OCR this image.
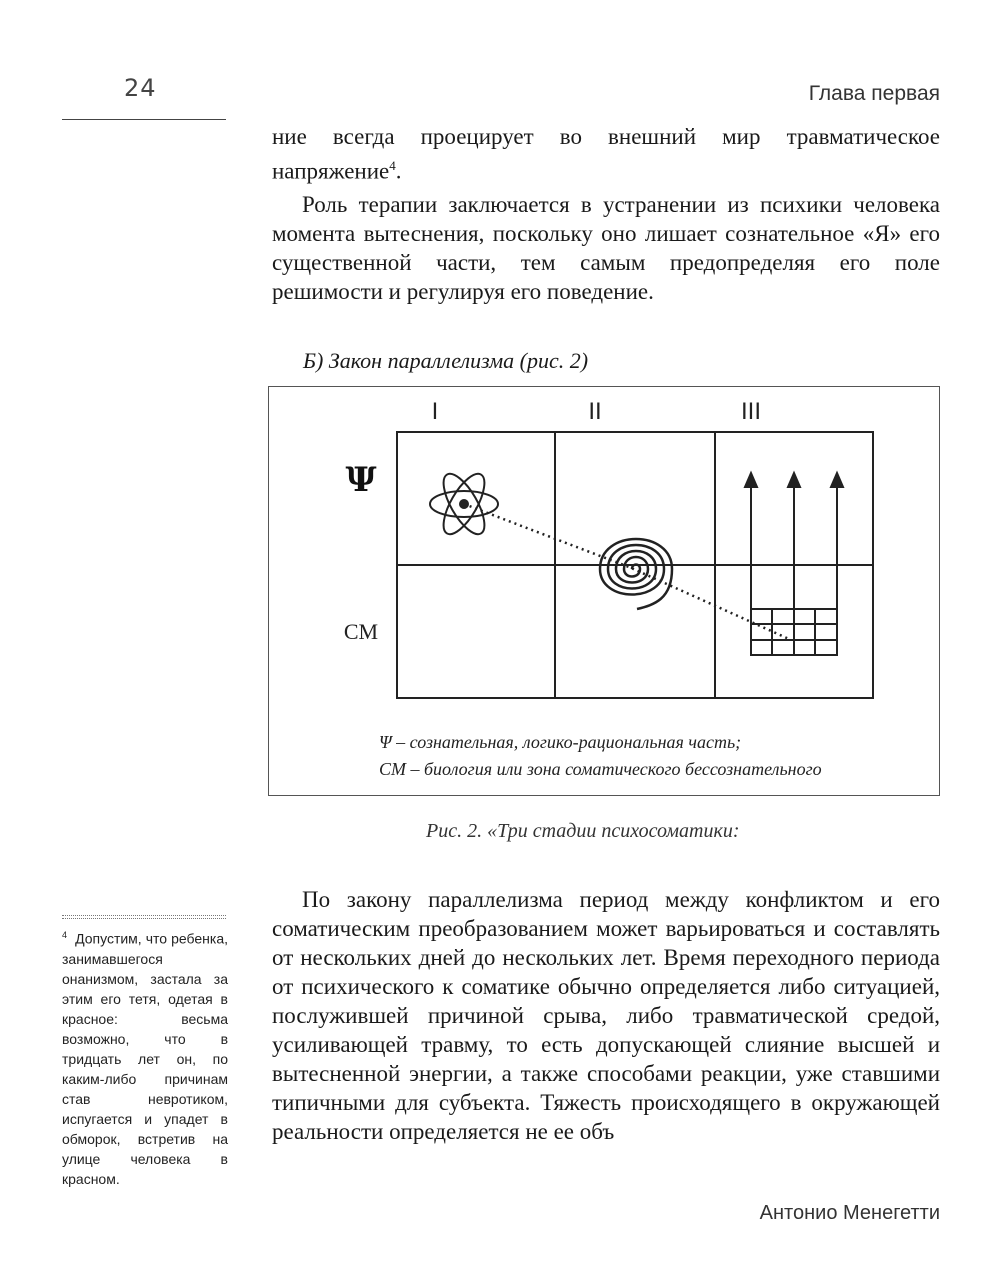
24	Глава первая

ние всегда проецирует во внешний мир травматическое напряжение$^4$.

Роль терапии заключается в устранении из психики человека момента вытеснения, поскольку оно лишает сознательное «Я» его существенной части, тем самым предопределяя его поле решимости и регулируя его поведение.

Б) Закон параллелизма (рис. 2)
I	II	III
Ψ
СМ
Ψ – сознательная, логико-рациональная часть;
СМ – биология или зона соматического бессознательного
Рис. 2. «Три стадии психосоматики:
$^4$ Допустим, что ребенка, занимавшегося онанизмом, застала за этим его тетя, одетая в красное: весьма возможно, что в тридцать лет он, по каким-либо причинам став невротиком, испугается и упадет в обморок, встретив на улице человека в красном.

По закону параллелизма период между конфликтом и его соматическим преобразованием может варьироваться и составлять от нескольких дней до нескольких лет. Время переходного периода от психического к соматике обычно определяется либо ситуацией, послужившей причиной срыва, либо травматической средой, усиливающей травму, то есть допускающей слияние высшей и вытесненной энергии, а также способами реакции, уже ставшими типичными для субъекта. Тяжесть происходящего в окружающей реальности определяется не ее объ

Антонио Менегетти
